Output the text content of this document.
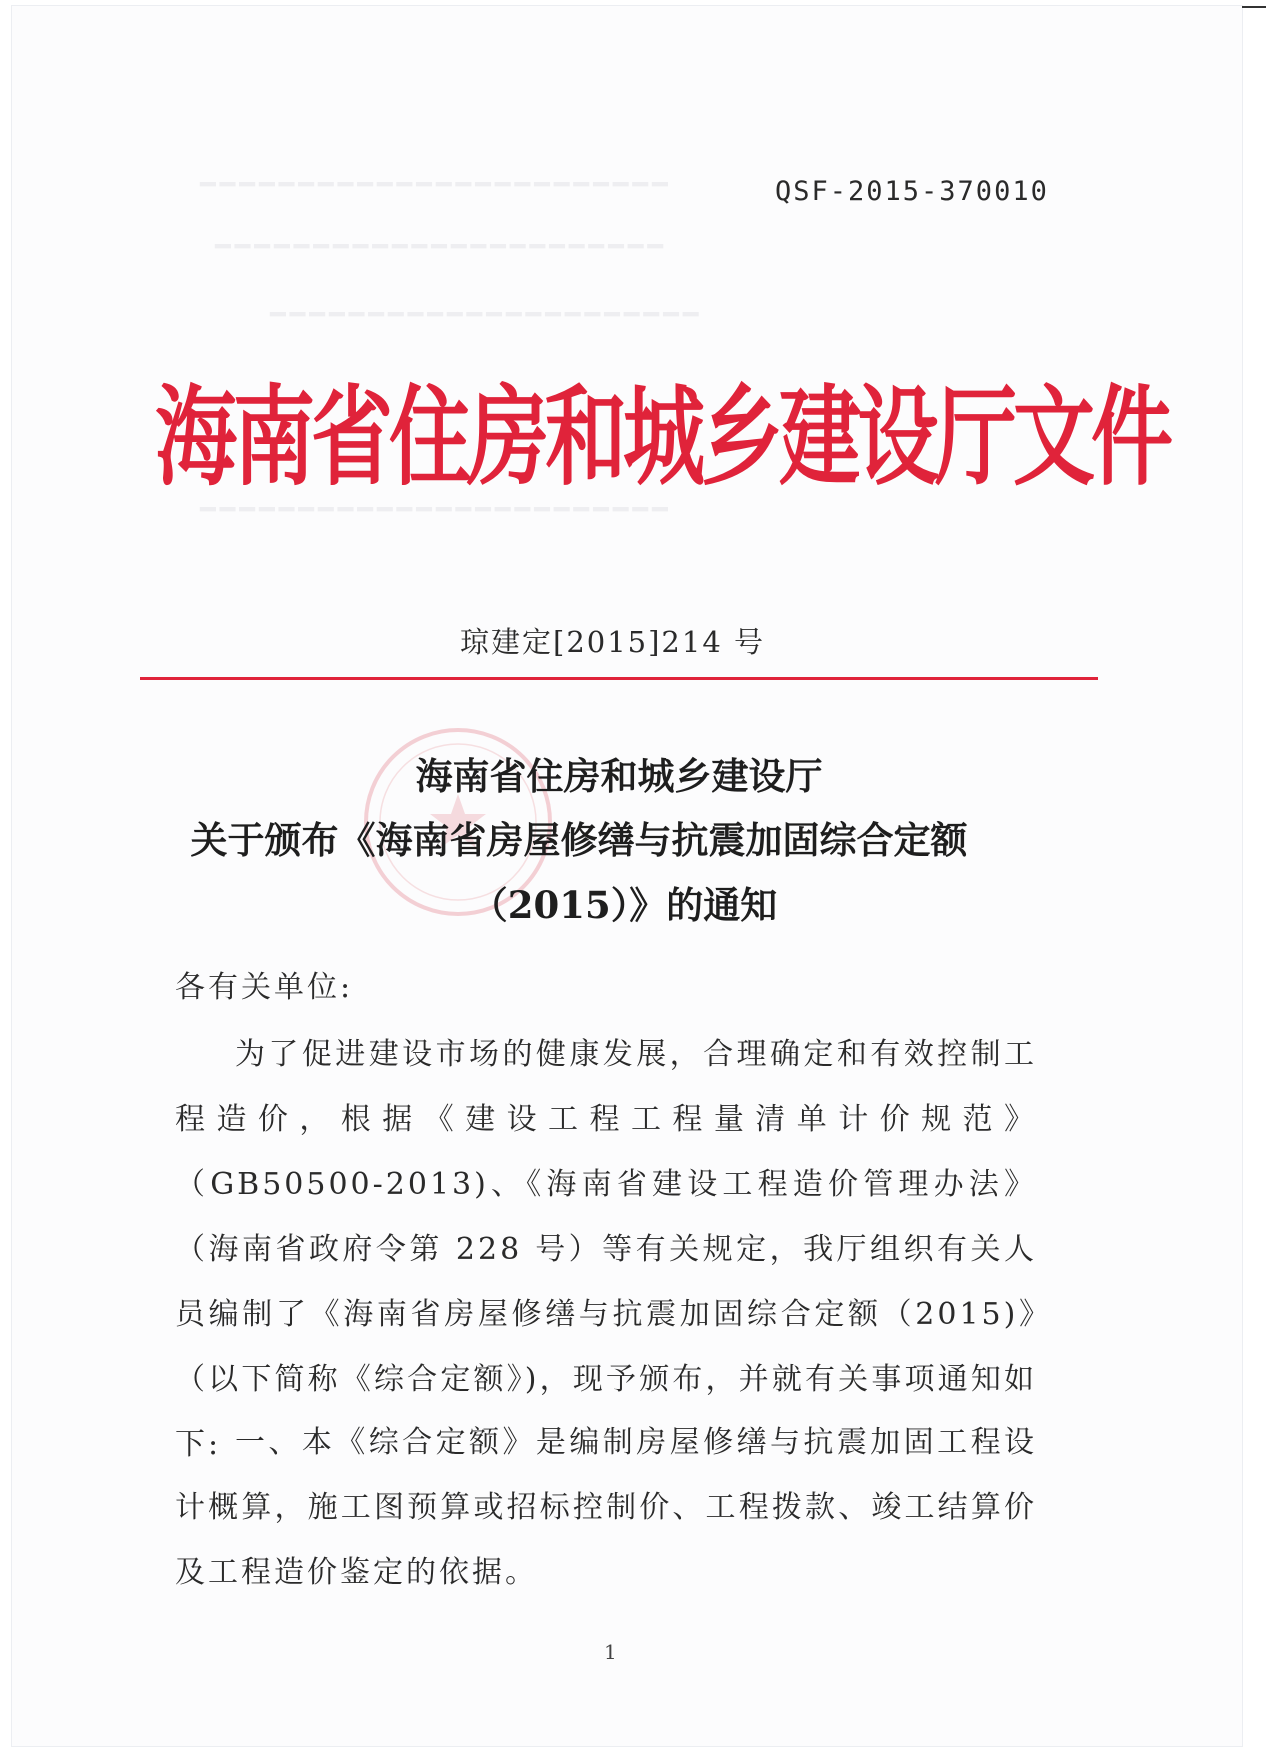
━━━━━━━━━━━━━━━━━━━━━━━━
━━━━━━━━━━━━━━━━━━━━━━━
━━━━━━━━━━━━━━━━━━━━━━
━━━━━━━━━━━━━━━━━━━━━━━━
QSF-2015-370010
海南省住房和城乡建设厅文件
琼建定[2015]214 号
海南省住房和城乡建设厅
关于颁布《海南省房屋修缮与抗震加固综合定额
（2015）》的通知
各有关单位:
为了促进建设市场的健康发展，合理确定和有效控制工程造价，根据《建设工程工程量清单计价规范》（GB50500-2013)、《海南省建设工程造价管理办法》（海南省政府令第 228 号）等有关规定，我厅组织有关人员编制了《海南省房屋修缮与抗震加固综合定额（2015)》（以下简称《综合定额》)，现予颁布，并就有关事项通知如下: 一、本《综合定额》是编制房屋修缮与抗震加固工程设计概算，施工图预算或招标控制价、工程拨款、竣工结算价及工程造价鉴定的依据。
1
